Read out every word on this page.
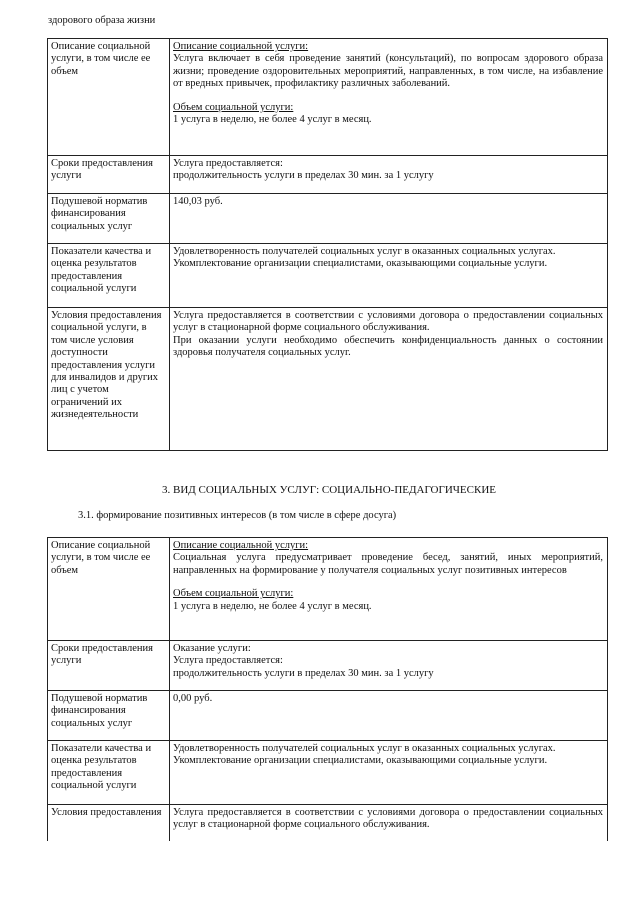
здорового образа жизни
Описание социальной услуги, в том числе ее объем	Описание социальной услуги:
Услуга включает в себя проведение занятий (консультаций), по вопросам здорового образа жизни; проведение оздоровительных мероприятий, направленных, в том числе, на избавление от вредных привычек, профилактику различных заболеваний.
Объем социальной услуги:
1 услуга в неделю, не более 4 услуг в месяц.

Сроки предоставления услуги	Услуга предоставляется:
продолжительность услуги в пределах 30 мин. за 1 услугу

Подушевой норматив финансирования социальных услуг	140,03 руб.
Показатели качества и оценка результатов предоставления социальной услуги	Удовлетворенность получателей социальных услуг в оказанных социальных услугах.
Укомплектование организации специалистами, оказывающими социальные услуги.

Условия предоставления социальной услуги, в том числе условия доступности предоставления услуги для инвалидов и других лиц с учетом ограничений их жизнедеятельности	Услуга предоставляется в соответствии с условиями договора о предоставлении социальных услуг в стационарной форме социального обслуживания.
При оказании услуги необходимо обеспечить конфиденциальность данных о состоянии здоровья получателя социальных услуг.
3. ВИД СОЦИАЛЬНЫХ УСЛУГ: СОЦИАЛЬНО-ПЕДАГОГИЧЕСКИЕ
3.1. формирование позитивных интересов (в том числе в сфере досуга)
Описание социальной услуги, в том числе ее объем	Описание социальной услуги:
Социальная услуга предусматривает проведение бесед, занятий, иных мероприятий, направленных на формирование у получателя социальных услуг позитивных интересов
Объем социальной услуги:
1 услуга в неделю, не более 4 услуг в месяц.

Сроки предоставления услуги	Оказание услуги:
Услуга предоставляется:
продолжительность услуги в пределах 30 мин. за 1 услугу

Подушевой норматив финансирования социальных услуг	0,00 руб.
Показатели качества и оценка результатов предоставления социальной услуги	Удовлетворенность получателей социальных услуг в оказанных социальных услугах.
Укомплектование организации специалистами, оказывающими социальные услуги.

Условия предоставления	Услуга предоставляется в соответствии с условиями договора о предоставлении социальных услуг в стационарной форме социального обслуживания.
